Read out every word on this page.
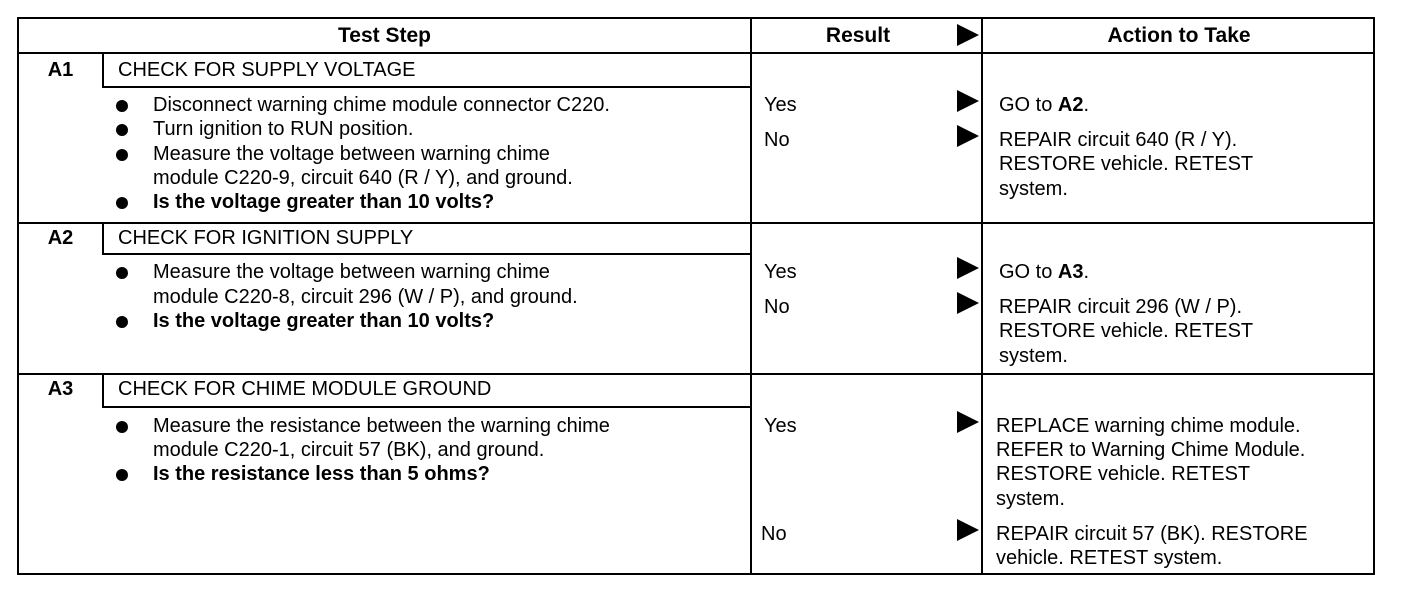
Test Step	Result	Action to Take
A1	CHECK FOR SUPPLY VOLTAGE
Disconnect warning chime module connector C220.
Turn ignition to RUN position.
Measure the voltage between warning chime
module C220-9, circuit 640 (R / Y), and ground.
Is the voltage greater than 10 volts?
Yes	GO to A2.
No	REPAIR circuit 640 (R / Y).
RESTORE vehicle. RETEST
system.
A2	CHECK FOR IGNITION SUPPLY
Measure the voltage between warning chime
module C220-8, circuit 296 (W / P), and ground.
Is the voltage greater than 10 volts?
Yes	GO to A3.
No	REPAIR circuit 296 (W / P).
RESTORE vehicle. RETEST
system.
A3	CHECK FOR CHIME MODULE GROUND
Measure the resistance between the warning chime
module C220-1, circuit 57 (BK), and ground.
Is the resistance less than 5 ohms?
Yes	REPLACE warning chime module.
REFER to Warning Chime Module.
RESTORE vehicle. RETEST
system.
No	REPAIR circuit 57 (BK). RESTORE
vehicle. RETEST system.
